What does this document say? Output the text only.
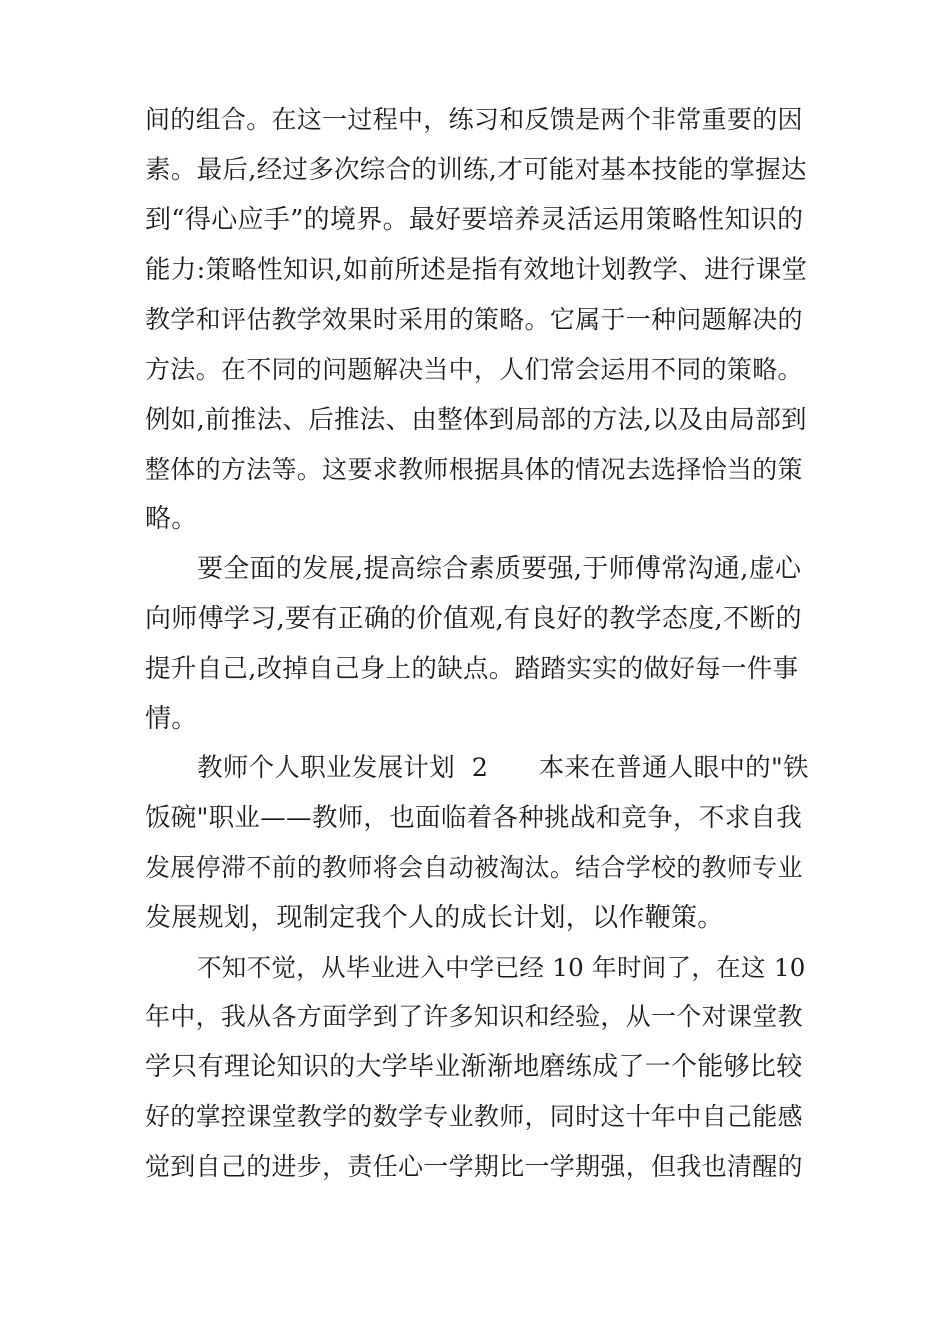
间的组合。在这一过程中，练习和反馈是两个非常重要的因
素。最后,经过多次综合的训练,才可能对基本技能的掌握达
到“得心应手”的境界。最好要培养灵活运用策略性知识的
能力:策略性知识,如前所述是指有效地计划教学、进行课堂
教学和评估教学效果时采用的策略。它属于一种问题解决的
方法。在不同的问题解决当中，人们常会运用不同的策略。
例如,前推法、后推法、由整体到局部的方法,以及由局部到
整体的方法等。这要求教师根据具体的情况去选择恰当的策
略。
要全面的发展,提高综合素质要强,于师傅常沟通,虚心
向师傅学习,要有正确的价值观,有良好的教学态度,不断的
提升自己,改掉自己身上的缺点。踏踏实实的做好每一件事
情。
教师个人职业发展计划  2      本来在普通人眼中的"铁
饭碗"职业——教师，也面临着各种挑战和竞争，不求自我
发展停滞不前的教师将会自动被淘汰。结合学校的教师专业
发展规划，现制定我个人的成长计划，以作鞭策。
不知不觉，从毕业进入中学已经 10 年时间了，在这 10
年中，我从各方面学到了许多知识和经验，从一个对课堂教
学只有理论知识的大学毕业渐渐地磨练成了一个能够比较
好的掌控课堂教学的数学专业教师，同时这十年中自己能感
觉到自己的进步，责任心一学期比一学期强，但我也清醒的
